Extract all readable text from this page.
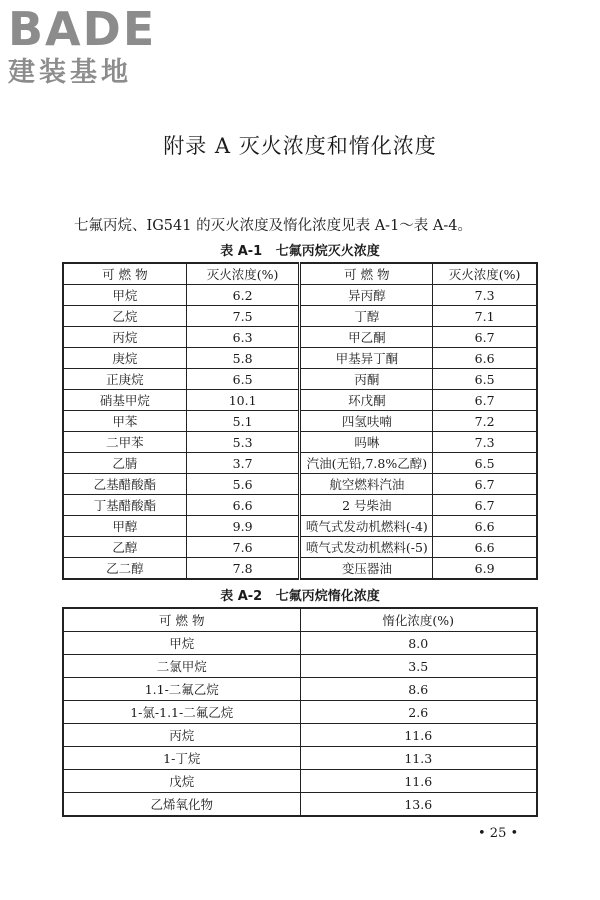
BADE
建装基地
附录 A 灭火浓度和惰化浓度
七氟丙烷、IG541 的灭火浓度及惰化浓度见表 A-1～表 A-4。
表 A-1   七氟丙烷灭火浓度
可 燃 物	灭火浓度(%)	可 燃 物	灭火浓度(%)
甲烷	6.2	异丙醇	7.3
乙烷	7.5	丁醇	7.1
丙烷	6.3	甲乙酮	6.7
庚烷	5.8	甲基异丁酮	6.6
正庚烷	6.5	丙酮	6.5
硝基甲烷	10.1	环戊酮	6.7
甲苯	5.1	四氢呋喃	7.2
二甲苯	5.3	吗啉	7.3
乙腈	3.7	汽油(无铅,7.8%乙醇)	6.5
乙基醋酸酯	5.6	航空燃料汽油	6.7
丁基醋酸酯	6.6	2 号柴油	6.7
甲醇	9.9	喷气式发动机燃料(-4)	6.6
乙醇	7.6	喷气式发动机燃料(-5)	6.6
乙二醇	7.8	变压器油	6.9
表 A-2   七氟丙烷惰化浓度
可 燃 物	惰化浓度(%)
甲烷	8.0
二氯甲烷	3.5
1.1-二氟乙烷	8.6
1-氯-1.1-二氟乙烷	2.6
丙烷	11.6
1-丁烷	11.3
戊烷	11.6
乙烯氧化物	13.6
• 25 •
